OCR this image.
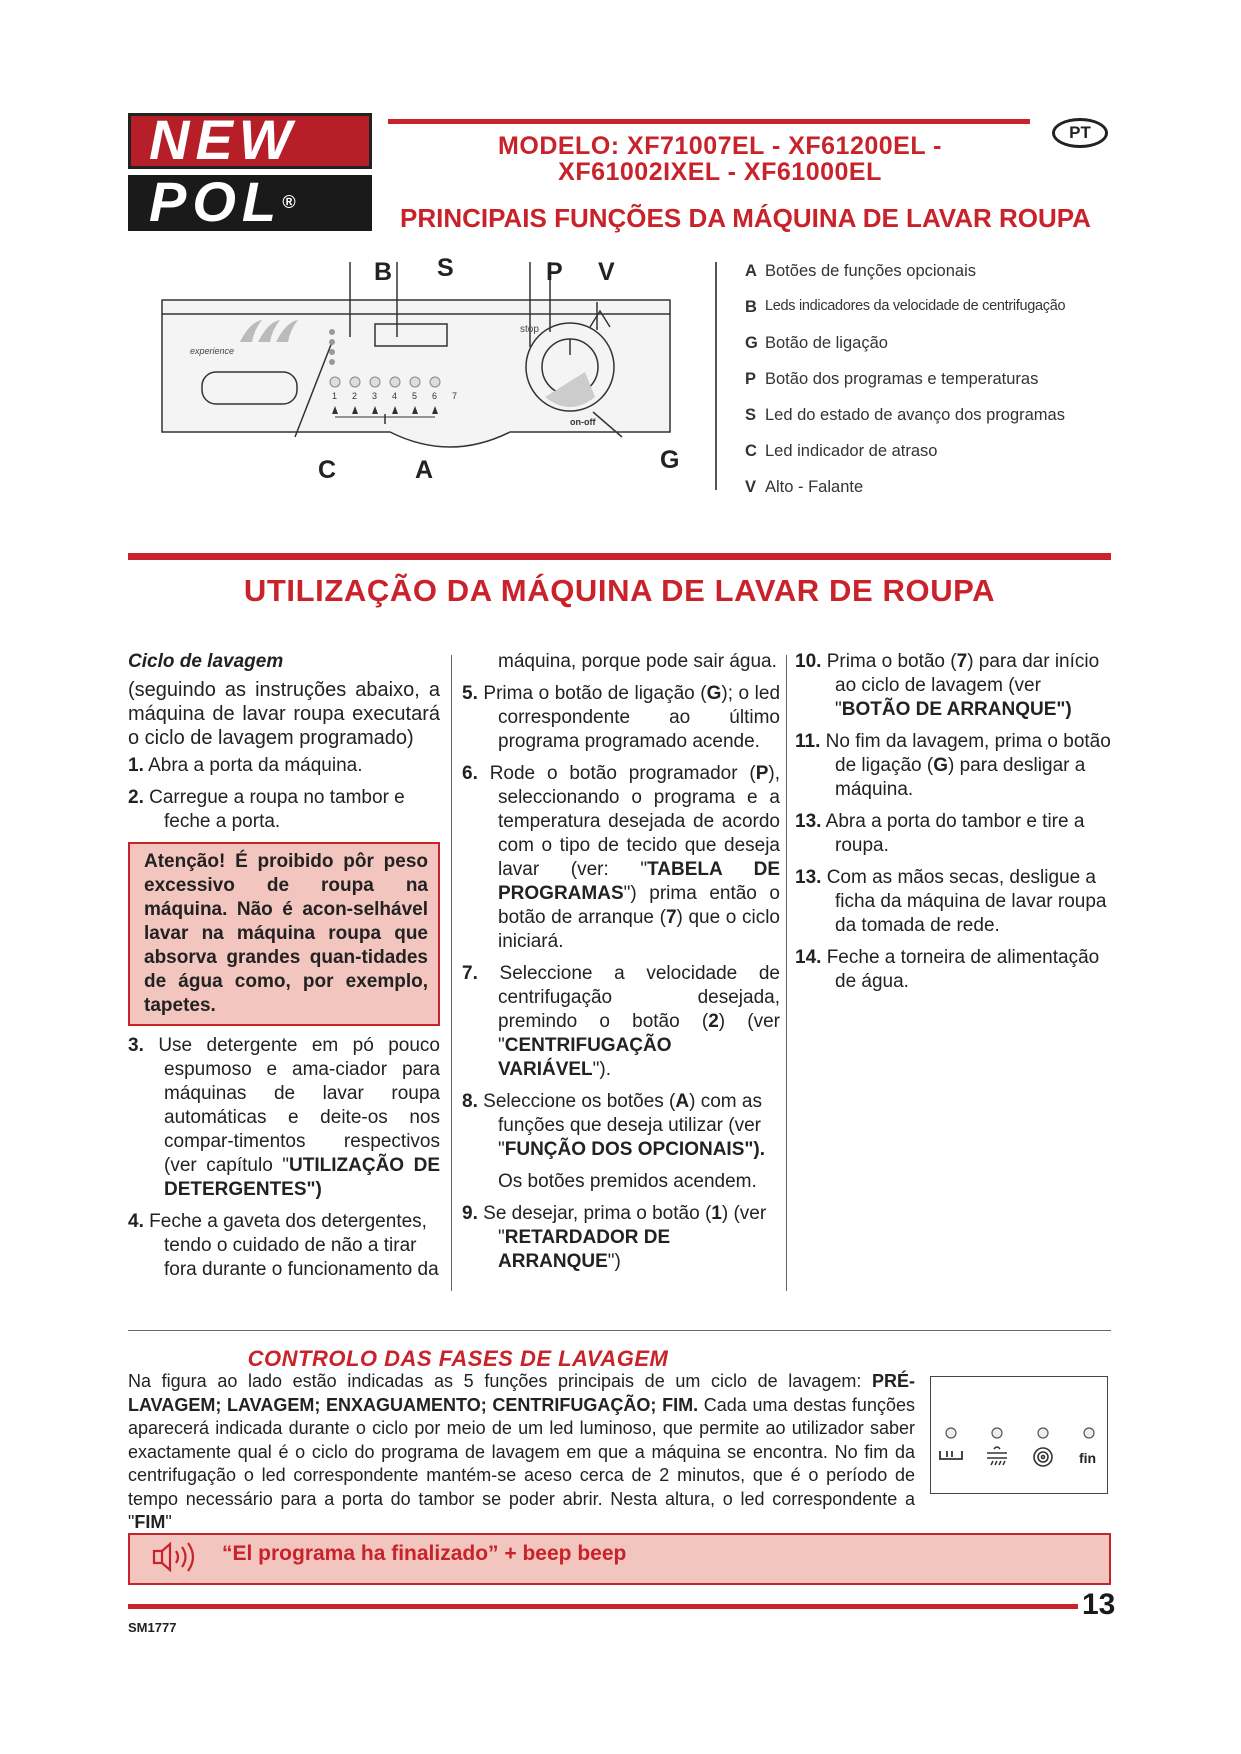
NEW
POL®
PT
MODELO: XF71007EL - XF61200EL -
XF61002IXEL - XF61000EL
PRINCIPAIS FUNÇÕES DA MÁQUINA DE LAVAR ROUPA
experience
stop
on-off
1 2 3 4 5 6 7
B S	P V
C	A	G
A Botões de funções opcionais
B Leds indicadores da velocidade de centrifugação
G Botão de ligação
P Botão dos programas e temperaturas
S Led do estado de avanço dos programas
C Led indicador de atraso
V Alto - Falante
UTILIZAÇÃO DA MÁQUINA DE LAVAR DE ROUPA
Ciclo de lavagem

(seguindo as instruções abaixo, a máquina de lavar roupa executará o ciclo de lavagem programado)

1. Abra a porta da máquina.

2. Carregue a roupa no tambor e feche a porta.

Atenção! É proibido pôr peso excessivo de roupa na máquina. Não é acon-selhável lavar na máquina roupa que absorva grandes quan-tidades de água como, por exemplo, tapetes.

3. Use detergente em pó pouco espumoso e ama-ciador para máquinas de lavar roupa automáticas e deite-os nos compar-timentos respectivos (ver capítulo "UTILIZAÇÃO DE DETERGENTES")

4. Feche a gaveta dos detergentes, tendo o cuidado de não a tirar fora durante o funcionamento da

máquina, porque pode sair água.

5. Prima o botão de ligação (G); o led correspondente ao último programa programado acende.

6. Rode o botão programador (P), seleccionando o programa e a temperatura desejada de acordo com o tipo de tecido que deseja lavar (ver: "TABELA DE PROGRAMAS") prima então o botão de arranque (7) que o ciclo iniciará.

7. Seleccione a velocidade de centrifugação desejada, premindo o botão (2) (ver "CENTRIFUGAÇÃO VARIÁVEL").

8. Seleccione os botões (A) com as funções que deseja utilizar (ver "FUNÇÃO DOS OPCIONAIS").

Os botões premidos acendem.

9. Se desejar, prima o botão (1) (ver "RETARDADOR DE ARRANQUE")

10. Prima o botão (7) para dar início ao ciclo de lavagem (ver "BOTÃO DE ARRANQUE")

11. No fim da lavagem, prima o botão de ligação (G) para desligar a máquina.

13. Abra a porta do tambor e tire a roupa.

13. Com as mãos secas, desligue a ficha da máquina de lavar roupa da tomada de rede.

14. Feche a torneira de alimentação de água.

CONTROLO DAS FASES DE LAVAGEM
Na figura ao lado estão indicadas as 5 funções principais de um ciclo de lavagem: PRÉ-LAVAGEM; LAVAGEM; ENXAGUAMENTO; CENTRIFUGAÇÃO; FIM. Cada uma destas funções aparecerá indicada durante o ciclo por meio de um led luminoso, que permite ao utilizador saber exactamente qual é o ciclo do programa de lavagem em que a máquina se encontra. No fim da centrifugação o led correspondente mantém-se aceso cerca de 2 minutos, que é o período de tempo necessário para a porta do tambor se poder abrir. Nesta altura, o led correspondente a "FIM"
fin
“El programa ha finalizado” + beep beep
13
SM1777
